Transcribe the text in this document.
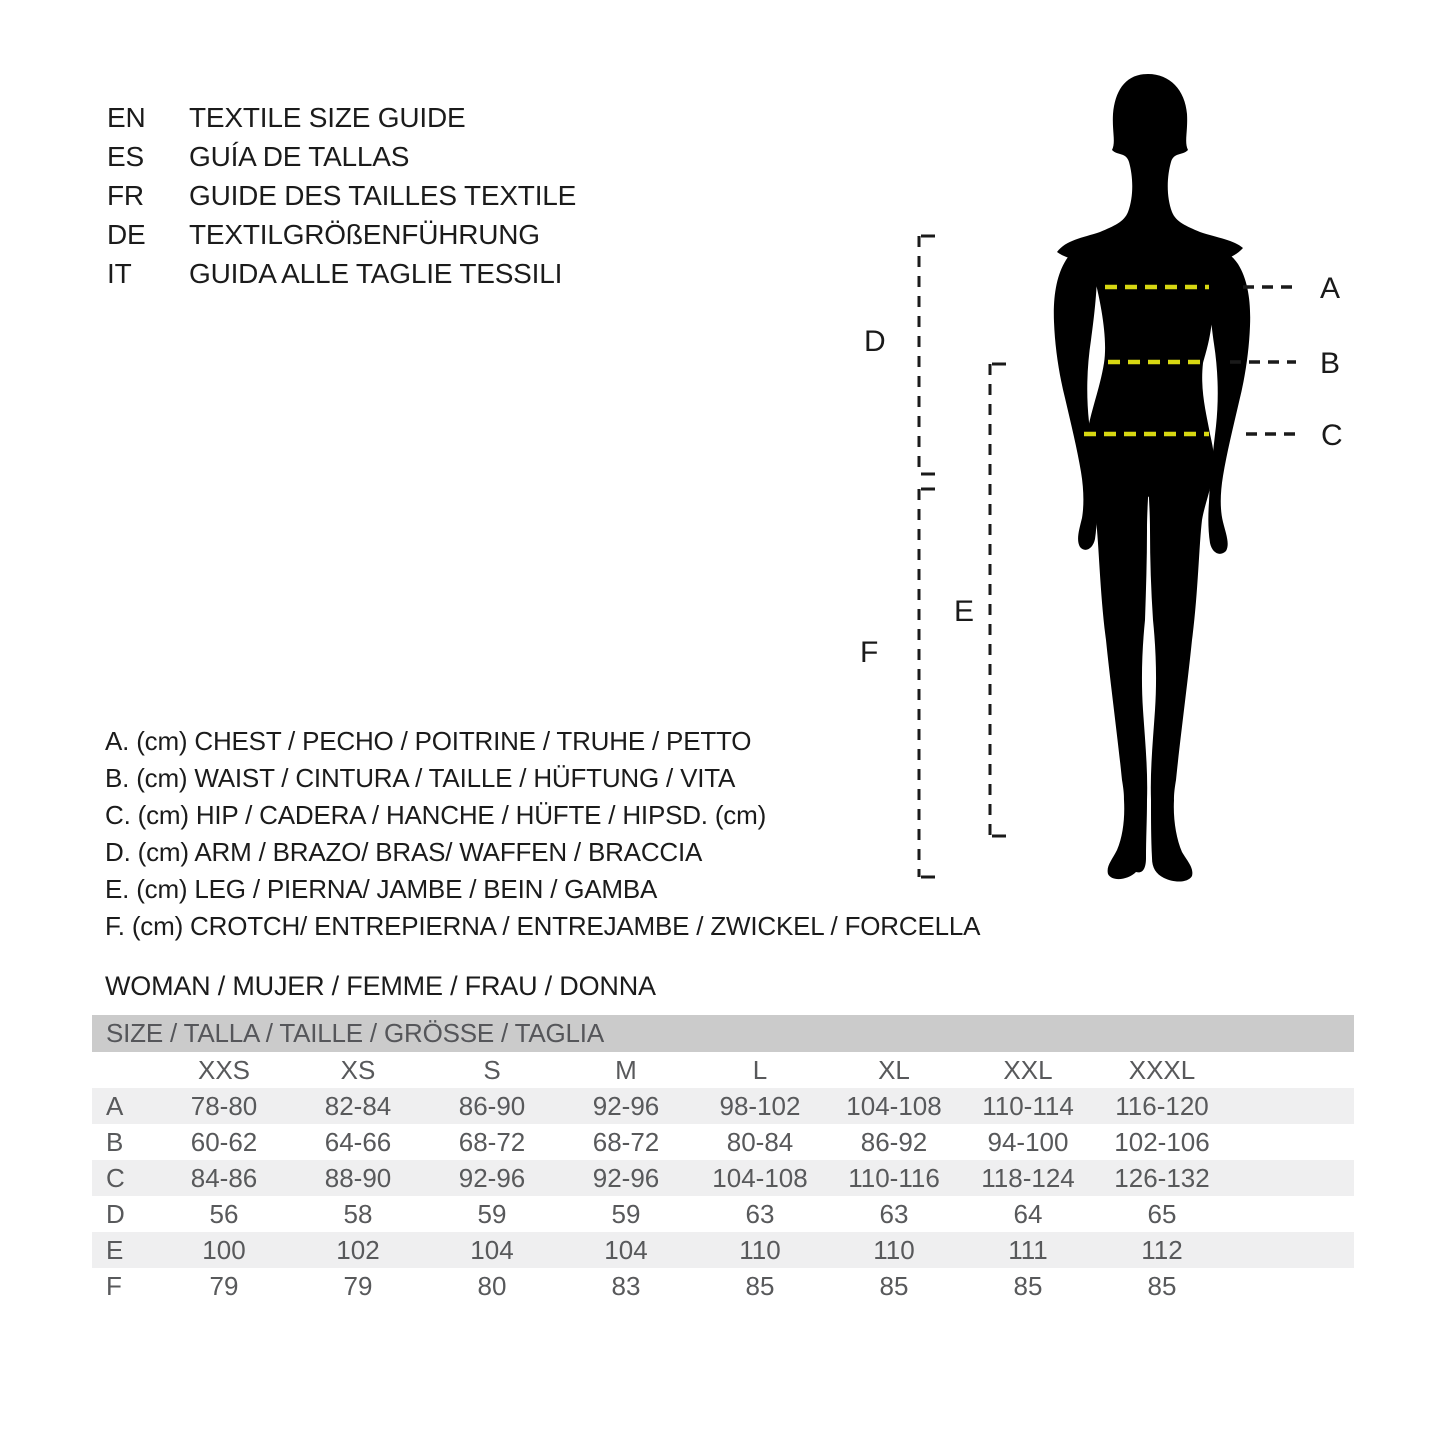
EN	TEXTILE SIZE GUIDE
ES	GUÍA DE TALLAS
FR	GUIDE DES TAILLES TEXTILE
DE	TEXTILGRÖßENFÜHRUNG
IT	GUIDA ALLE TAGLIE TESSILI	A
B
C
D
E
F
A. (cm) CHEST / PECHO / POITRINE / TRUHE / PETTO
B. (cm) WAIST / CINTURA / TAILLE / HÜFTUNG / VITA
C. (cm) HIP / CADERA / HANCHE / HÜFTE / HIPSD. (cm)
D. (cm) ARM / BRAZO/ BRAS/ WAFFEN / BRACCIA
E. (cm) LEG / PIERNA/ JAMBE / BEIN / GAMBA
F. (cm) CROTCH/ ENTREPIERNA / ENTREJAMBE / ZWICKEL / FORCELLA
WOMAN / MUJER / FEMME / FRAU / DONNA
SIZE / TALLA / TAILLE / GRÖSSE / TAGLIA
XXS	XS	S	M	L	XL	XXL	XXXL
A	78-80	82-84	86-90	92-96	98-102	104-108	110-114	116-120
B	60-62	64-66	68-72	68-72	80-84	86-92	94-100	102-106
C	84-86	88-90	92-96	92-96	104-108	110-116	118-124	126-132
D	56	58	59	59	63	63	64	65
E	100	102	104	104	110	110	111	112
F	79	79	80	83	85	85	85	85
